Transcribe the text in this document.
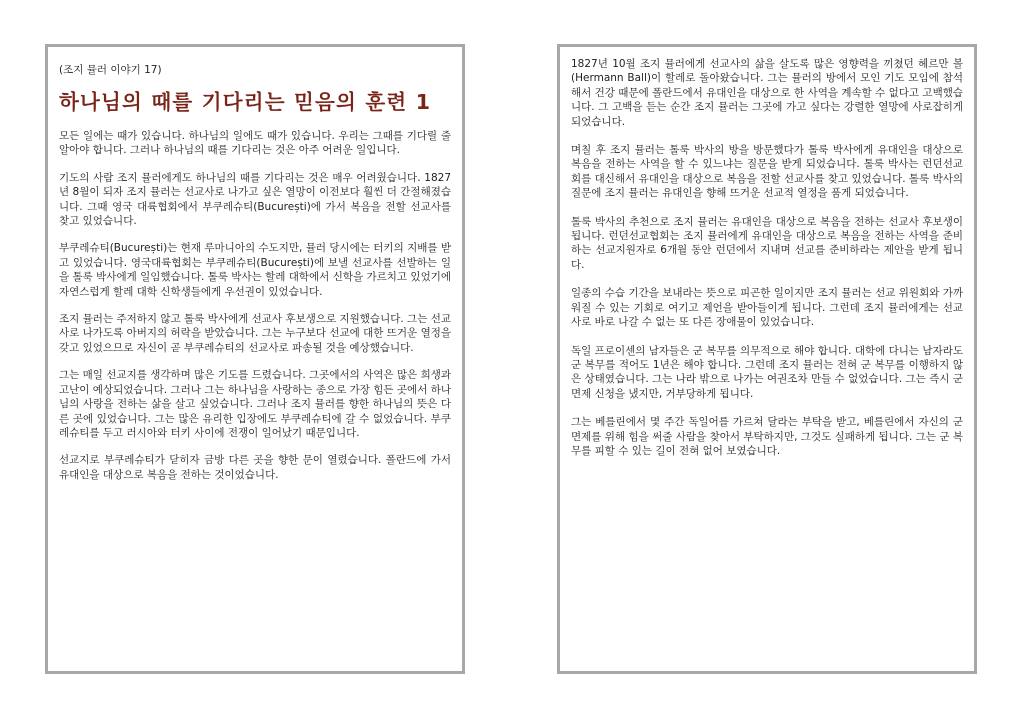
(조지 뮬러 이야기 17)
하나님의 때를 기다리는 믿음의 훈련 1

모든 일에는 때가 있습니다. 하나님의 일에도 때가 있습니다. 우리는 그때를 기다릴 줄 알아야 합니다. 그러나 하나님의 때를 기다리는 것은 아주 어려운 일입니다.

기도의 사람 조지 뮬러에게도 하나님의 때를 기다리는 것은 매우 어려웠습니다. 1827년 8월이 되자 조지 뮬러는 선교사로 나가고 싶은 열망이 이전보다 훨씬 더 간절해졌습니다. 그때 영국 대륙협회에서 부쿠레슈티(București)에 가서 복음을 전할 선교사를 찾고 있었습니다.

부쿠레슈티(București)는 현재 루마니아의 수도지만, 뮬러 당시에는 터키의 지배를 받고 있었습니다. 영국대륙협회는 부쿠레슈티(București)에 보낼 선교사를 선발하는 일을 톨룩 박사에게 일임했습니다. 톨룩 박사는 할레 대학에서 신학을 가르치고 있었기에 자연스럽게 할레 대학 신학생들에게 우선권이 있었습니다.

조지 뮬러는 주저하지 않고 톨룩 박사에게 선교사 후보생으로 지원했습니다. 그는 선교사로 나가도록 아버지의 허락을 받았습니다. 그는 누구보다 선교에 대한 뜨거운 열정을 갖고 있었으므로 자신이 곧 부쿠레슈티의 선교사로 파송될 것을 예상했습니다.

그는 매일 선교지를 생각하며 많은 기도를 드렸습니다. 그곳에서의 사역은 많은 희생과 고난이 예상되었습니다. 그러나 그는 하나님을 사랑하는 종으로 가장 힘든 곳에서 하나님의 사랑을 전하는 삶을 살고 싶었습니다. 그러나 조지 뮬러를 향한 하나님의 뜻은 다른 곳에 있었습니다. 그는 많은 유리한 입장에도 부쿠레슈티에 갈 수 없었습니다. 부쿠레슈티를 두고 러시아와 터키 사이에 전쟁이 일어났기 때문입니다.

선교지로 부쿠레슈티가 닫히자 금방 다른 곳을 향한 문이 열렸습니다. 폴란드에 가서 유대인을 대상으로 복음을 전하는 것이었습니다.

1827년 10월 조지 뮬러에게 선교사의 삶을 살도록 많은 영향력을 끼쳤던 헤르만 볼(Hermann Ball)이 할레로 돌아왔습니다. 그는 뮬러의 방에서 모인 기도 모임에 참석해서 건강 때문에 폴란드에서 유대인을 대상으로 한 사역을 계속할 수 없다고 고백했습니다. 그 고백을 듣는 순간 조지 뮬러는 그곳에 가고 싶다는 강렬한 열망에 사로잡히게 되었습니다.

며칠 후 조지 뮬러는 톨룩 박사의 방을 방문했다가 톨룩 박사에게 유대인을 대상으로 복음을 전하는 사역을 할 수 있느냐는 질문을 받게 되었습니다. 톨룩 박사는 런던선교회를 대신해서 유대인을 대상으로 복음을 전할 선교사를 찾고 있었습니다. 톨룩 박사의 질문에 조지 뮬러는 유대인을 향해 뜨거운 선교적 열정을 품게 되었습니다.

톨룩 박사의 추천으로 조지 뮬러는 유대인을 대상으로 복음을 전하는 선교사 후보생이 됩니다. 런던선교협회는 조지 뮬러에게 유대인을 대상으로 복음을 전하는 사역을 준비하는 선교지원자로 6개월 동안 런던에서 지내며 선교를 준비하라는 제안을 받게 됩니다.

일종의 수습 기간을 보내라는 뜻으로 피곤한 일이지만 조지 뮬러는 선교 위원회와 가까워질 수 있는 기회로 여기고 제언을 받아들이게 됩니다. 그런데 조지 뮬러에게는 선교사로 바로 나갈 수 없는 또 다른 장애물이 있었습니다.

독일 프로이센의 남자들은 군 복무를 의무적으로 해야 합니다. 대학에 다니는 남자라도 군 복무를 적어도 1년은 해야 합니다. 그런데 조지 뮬러는 전혀 군 복무를 이행하지 않은 상태였습니다. 그는 나라 밖으로 나가는 여권조차 만들 수 없었습니다. 그는 즉시 군 면제 신청을 냈지만, 거부당하게 됩니다.

그는 베를린에서 몇 주간 독일어를 가르쳐 달라는 부탁을 받고, 베를린에서 자신의 군 면제를 위해 힘을 써줄 사람을 찾아서 부탁하지만, 그것도 실패하게 됩니다. 그는 군 복무를 피할 수 있는 길이 전혀 없어 보였습니다.
